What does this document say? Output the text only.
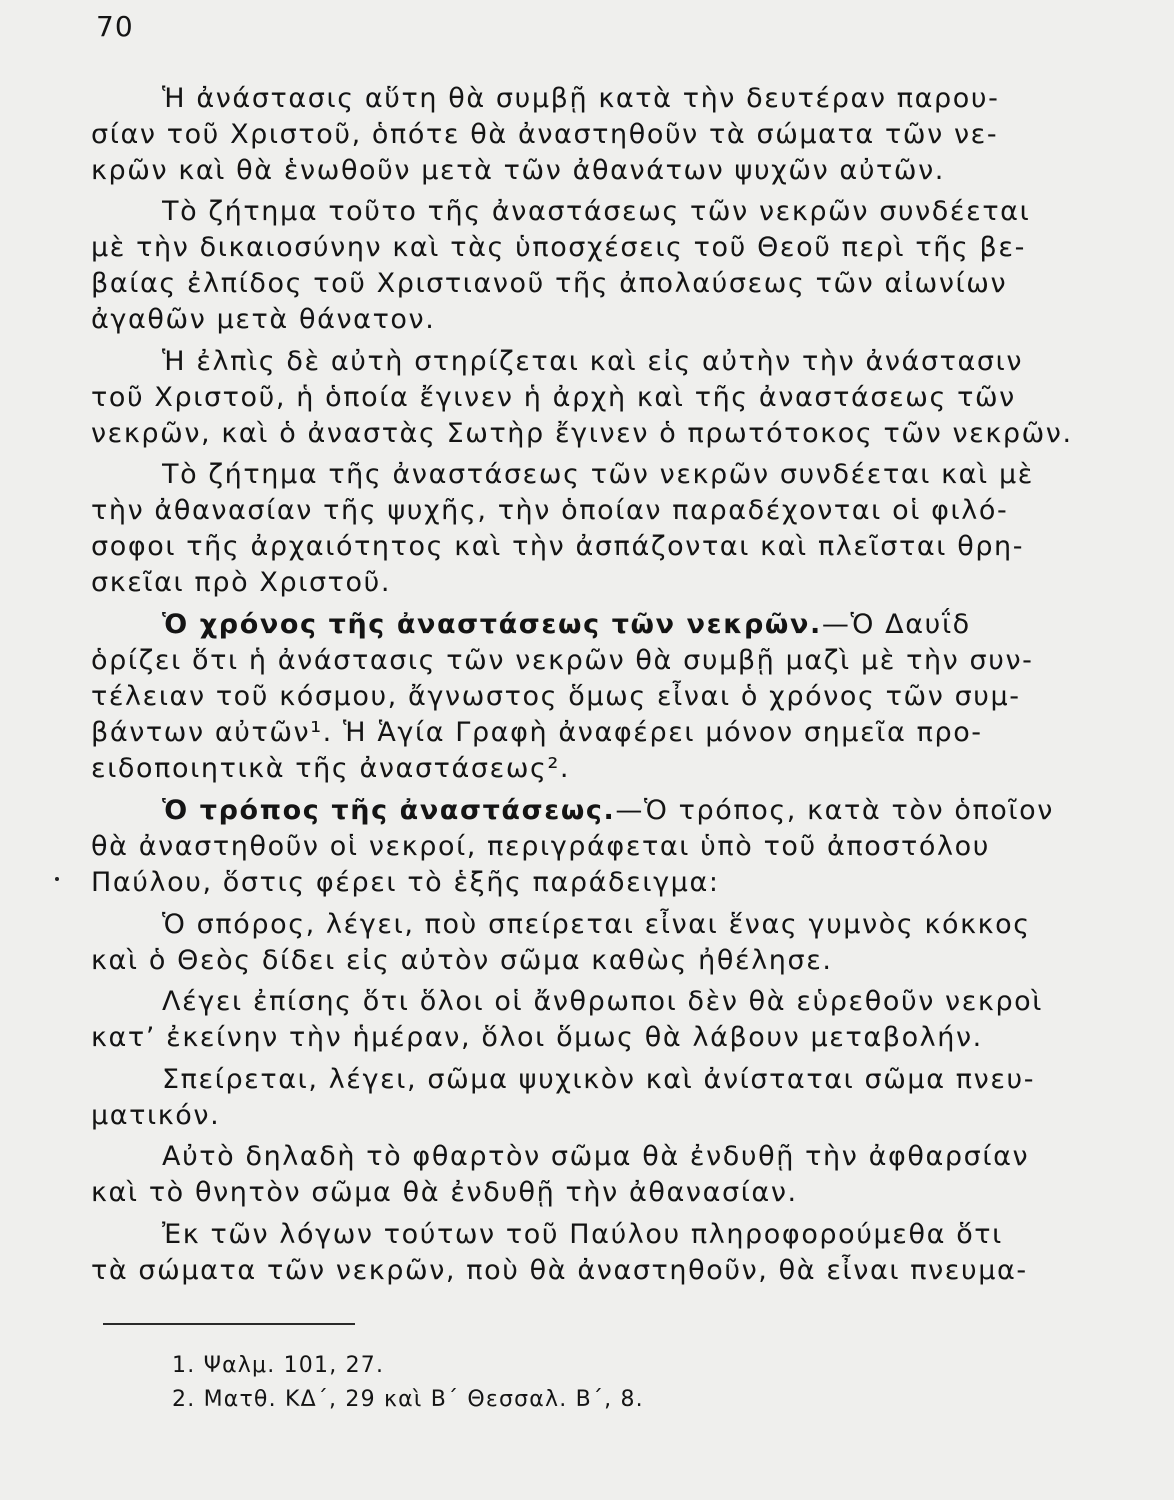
70
Ἡ ἀνάστασις αὕτη θὰ συμβῇ κατὰ τὴν δευτέραν παρου-
σίαν τοῦ Χριστοῦ, ὁπότε θὰ ἀναστηθοῦν τὰ σώματα τῶν νε-
κρῶν καὶ θὰ ἑνωθοῦν μετὰ τῶν ἀθανάτων ψυχῶν αὐτῶν.
Τὸ ζήτημα τοῦτο τῆς ἀναστάσεως τῶν νεκρῶν συνδέεται
μὲ τὴν δικαιοσύνην καὶ τὰς ὑποσχέσεις τοῦ Θεοῦ περὶ τῆς βε-
βαίας ἐλπίδος τοῦ Χριστιανοῦ τῆς ἀπολαύσεως τῶν αἰωνίων
ἀγαθῶν μετὰ θάνατον.
Ἡ ἐλπὶς δὲ αὐτὴ στηρίζεται καὶ εἰς αὐτὴν τὴν ἀνάστασιν
τοῦ Χριστοῦ, ἡ ὁποία ἔγινεν ἡ ἀρχὴ καὶ τῆς ἀναστάσεως τῶν
νεκρῶν, καὶ ὁ ἀναστὰς Σωτὴρ ἔγινεν ὁ πρωτότοκος τῶν νεκρῶν.
Τὸ ζήτημα τῆς ἀναστάσεως τῶν νεκρῶν συνδέεται καὶ μὲ
τὴν ἀθανασίαν τῆς ψυχῆς, τὴν ὁποίαν παραδέχονται οἱ φιλό-
σοφοι τῆς ἀρχαιότητος καὶ τὴν ἀσπάζονται καὶ πλεῖσται θρη-
σκεῖαι πρὸ Χριστοῦ.
Ὁ χρόνος τῆς ἀναστάσεως τῶν νεκρῶν.—Ὁ Δαυΐδ
ὁρίζει ὅτι ἡ ἀνάστασις τῶν νεκρῶν θὰ συμβῇ μαζὶ μὲ τὴν συν-
τέλειαν τοῦ κόσμου, ἄγνωστος ὅμως εἶναι ὁ χρόνος τῶν συμ-
βάντων αὐτῶν¹. Ἡ Ἁγία Γραφὴ ἀναφέρει μόνον σημεῖα προ-
ειδοποιητικὰ τῆς ἀναστάσεως².
Ὁ τρόπος τῆς ἀναστάσεως.—Ὁ τρόπος, κατὰ τὸν ὁποῖον
θὰ ἀναστηθοῦν οἱ νεκροί, περιγράφεται ὑπὸ τοῦ ἀποστόλου
Παύλου, ὅστις φέρει τὸ ἑξῆς παράδειγμα:
Ὁ σπόρος, λέγει, ποὺ σπείρεται εἶναι ἕνας γυμνὸς κόκκος
καὶ ὁ Θεὸς δίδει εἰς αὐτὸν σῶμα καθὼς ἠθέλησε.
Λέγει ἐπίσης ὅτι ὅλοι οἱ ἄνθρωποι δὲν θὰ εὑρεθοῦν νεκροὶ
κατ’ ἐκείνην τὴν ἡμέραν, ὅλοι ὅμως θὰ λάβουν μεταβολήν.
Σπείρεται, λέγει, σῶμα ψυχικὸν καὶ ἀνίσταται σῶμα πνευ-
ματικόν.
Αὐτὸ δηλαδὴ τὸ φθαρτὸν σῶμα θὰ ἐνδυθῇ τὴν ἀφθαρσίαν
καὶ τὸ θνητὸν σῶμα θὰ ἐνδυθῇ τὴν ἀθανασίαν.
Ἐκ τῶν λόγων τούτων τοῦ Παύλου πληροφορούμεθα ὅτι
τὰ σώματα τῶν νεκρῶν, ποὺ θὰ ἀναστηθοῦν, θὰ εἶναι πνευμα-
1. Ψαλμ. 101, 27.
2. Ματθ. ΚΔ΄, 29 καὶ Β΄ Θεσσαλ. Β΄, 8.
